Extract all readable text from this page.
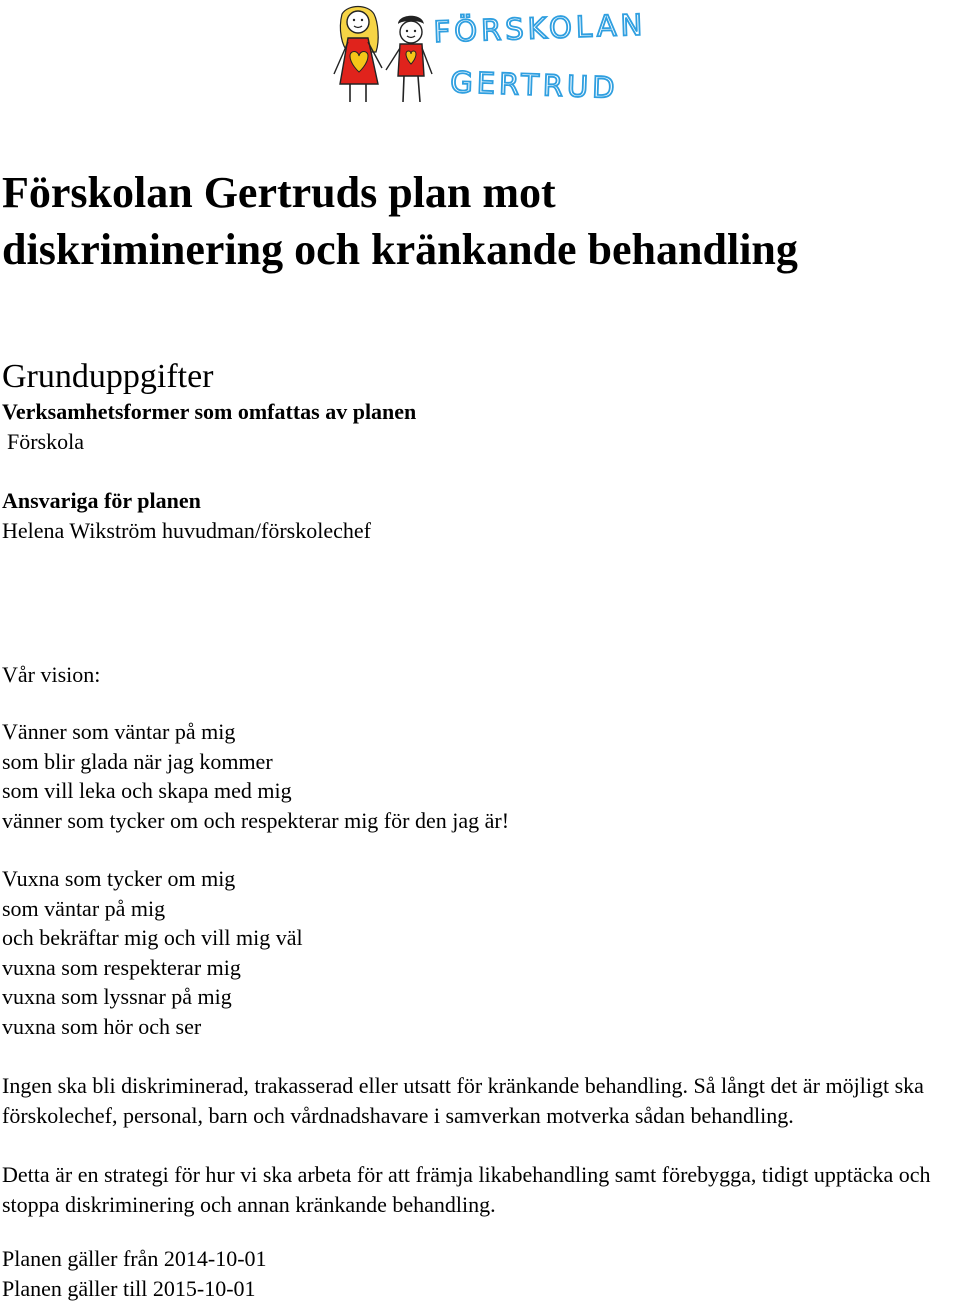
FÖRSKOLAN
GERTRUD
Förskolan Gertruds plan mot
diskriminering och kränkande behandling
Grunduppgifter
Verksamhetsformer som omfattas av planen
Förskola
Ansvariga för planen
Helena Wikström huvudman/förskolechef
Vår vision:
Vänner som väntar på mig
som blir glada när jag kommer
som vill leka och skapa med mig
vänner som tycker om och respekterar mig för den jag är!
Vuxna som tycker om mig
som väntar på mig
och bekräftar mig och vill mig väl
vuxna som respekterar mig
vuxna som lyssnar på mig
vuxna som hör och ser

Ingen ska bli diskriminerad, trakasserad eller utsatt för kränkande behandling. Så långt det är möjligt ska förskolechef, personal, barn och vårdnadshavare i samverkan motverka sådan behandling.

Detta är en strategi för hur vi ska arbeta för att främja likabehandling samt förebygga, tidigt upptäcka och stoppa diskriminering och annan kränkande behandling.

Planen gäller från 2014-10-01
Planen gäller till 2015-10-01
